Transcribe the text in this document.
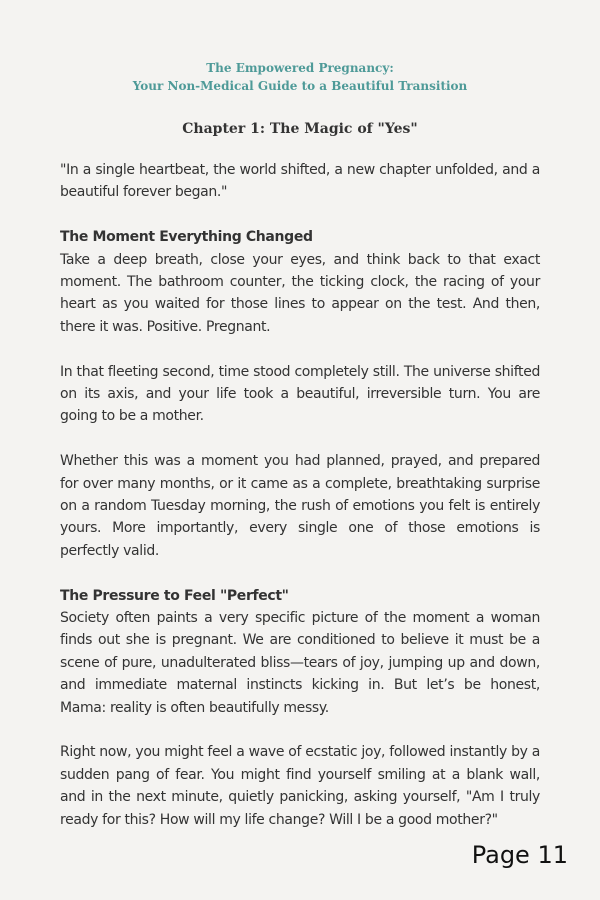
The Empowered Pregnancy:
Your Non-Medical Guide to a Beautiful Transition
Chapter 1: The Magic of "Yes"

"In a single heartbeat, the world shifted, a new chapter unfolded, and a beautiful forever began."

The Moment Everything Changed

Take a deep breath, close your eyes, and think back to that exact moment. The bathroom counter, the ticking clock, the racing of your heart as you waited for those lines to appear on the test. And then, there it was. Positive. Pregnant.

In that fleeting second, time stood completely still. The universe shifted on its axis, and your life took a beautiful, irreversible turn. You are going to be a mother.

Whether this was a moment you had planned, prayed, and prepared for over many months, or it came as a complete, breathtaking surprise on a random Tuesday morning, the rush of emotions you felt is entirely yours. More importantly, every single one of those emotions is perfectly valid.

The Pressure to Feel "Perfect"

Society often paints a very specific picture of the moment a woman finds out she is pregnant. We are conditioned to believe it must be a scene of pure, unadulterated bliss—tears of joy, jumping up and down, and immediate maternal instincts kicking in. But let’s be honest, Mama: reality is often beautifully messy.

Right now, you might feel a wave of ecstatic joy, followed instantly by a sudden pang of fear. You might find yourself smiling at a blank wall, and in the next minute, quietly panicking, asking yourself, "Am I truly ready for this? How will my life change? Will I be a good mother?"

Page 11
